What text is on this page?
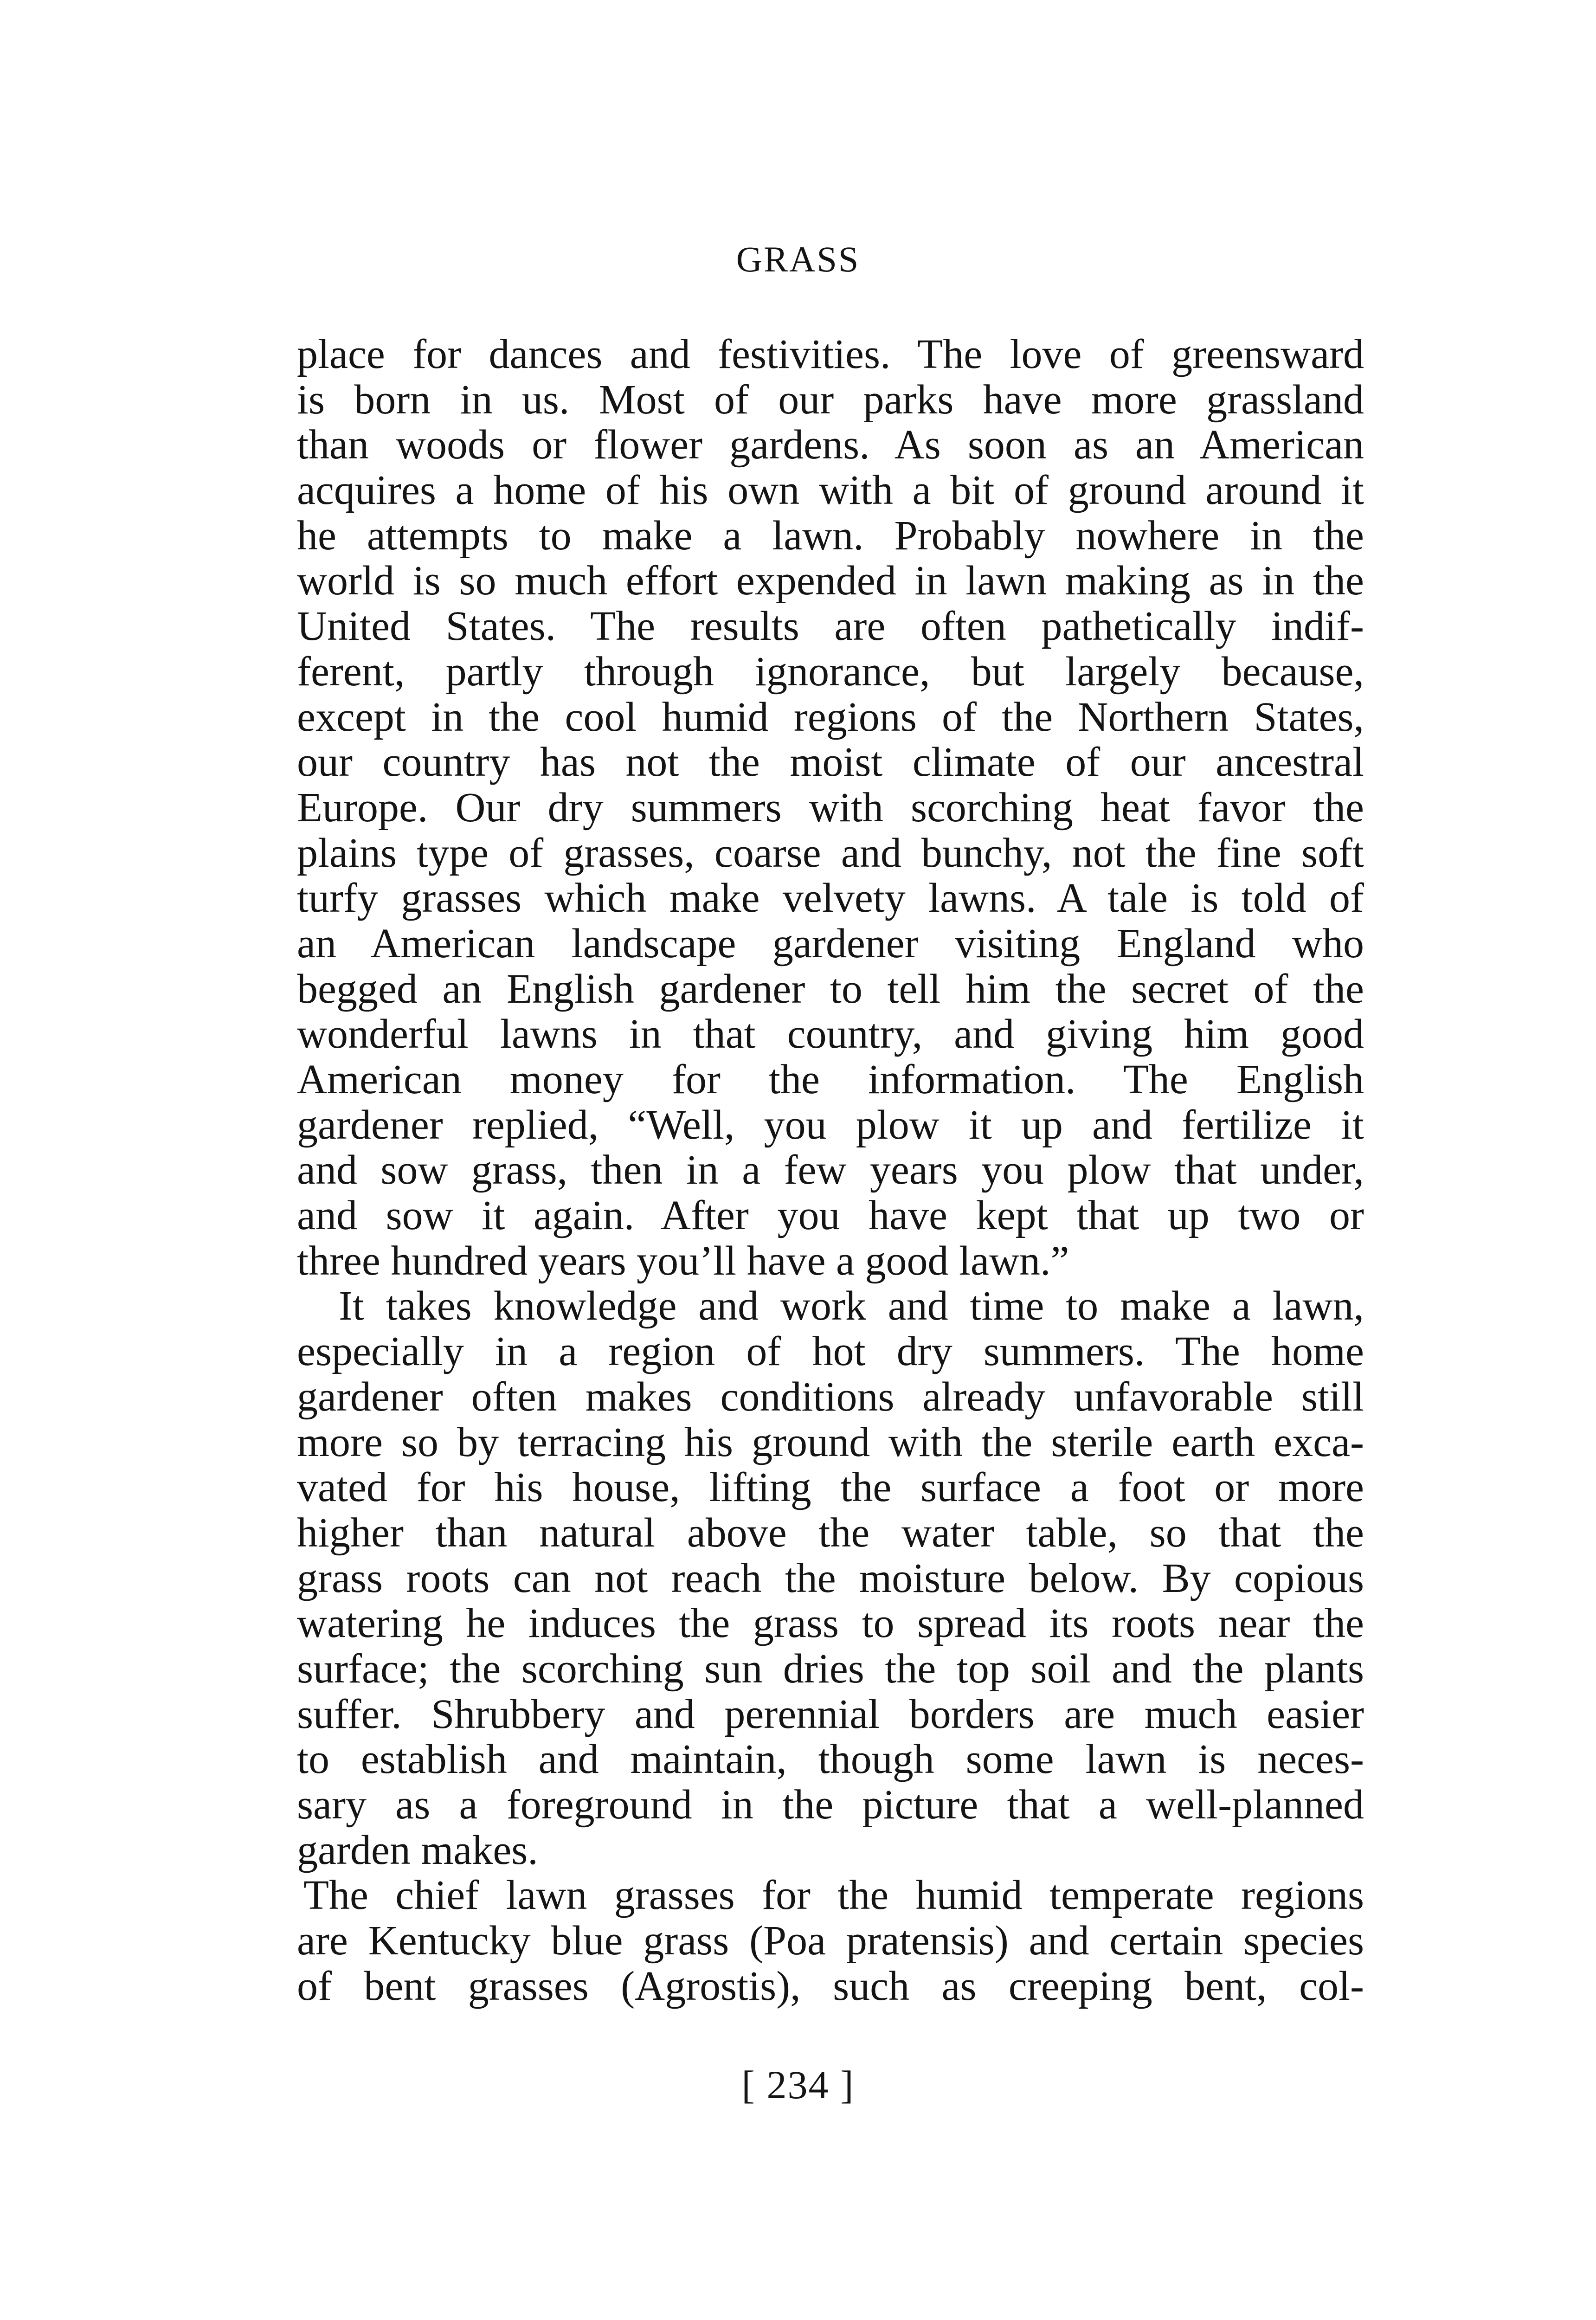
GRASS
place for dances and festivities. The love of greensward
is born in us. Most of our parks have more grassland
than woods or flower gardens. As soon as an American
acquires a home of his own with a bit of ground around it
he attempts to make a lawn. Probably nowhere in the
world is so much effort expended in lawn making as in the
United States. The results are often pathetically indif-
ferent, partly through ignorance, but largely because,
except in the cool humid regions of the Northern States,
our country has not the moist climate of our ancestral
Europe. Our dry summers with scorching heat favor the
plains type of grasses, coarse and bunchy, not the fine soft
turfy grasses which make velvety lawns. A tale is told of
an American landscape gardener visiting England who
begged an English gardener to tell him the secret of the
wonderful lawns in that country, and giving him good
American money for the information. The English
gardener replied, “Well, you plow it up and fertilize it
and sow grass, then in a few years you plow that under,
and sow it again. After you have kept that up two or
three hundred years you’ll have a good lawn.”
It takes knowledge and work and time to make a lawn,
especially in a region of hot dry summers. The home
gardener often makes conditions already unfavorable still
more so by terracing his ground with the sterile earth exca-
vated for his house, lifting the surface a foot or more
higher than natural above the water table, so that the
grass roots can not reach the moisture below. By copious
watering he induces the grass to spread its roots near the
surface; the scorching sun dries the top soil and the plants
suffer. Shrubbery and perennial borders are much easier
to establish and maintain, though some lawn is neces-
sary as a foreground in the picture that a well-planned
garden makes.
The chief lawn grasses for the humid temperate regions
are Kentucky blue grass (Poa pratensis) and certain species
of bent grasses (Agrostis), such as creeping bent, col-
[ 234 ]
